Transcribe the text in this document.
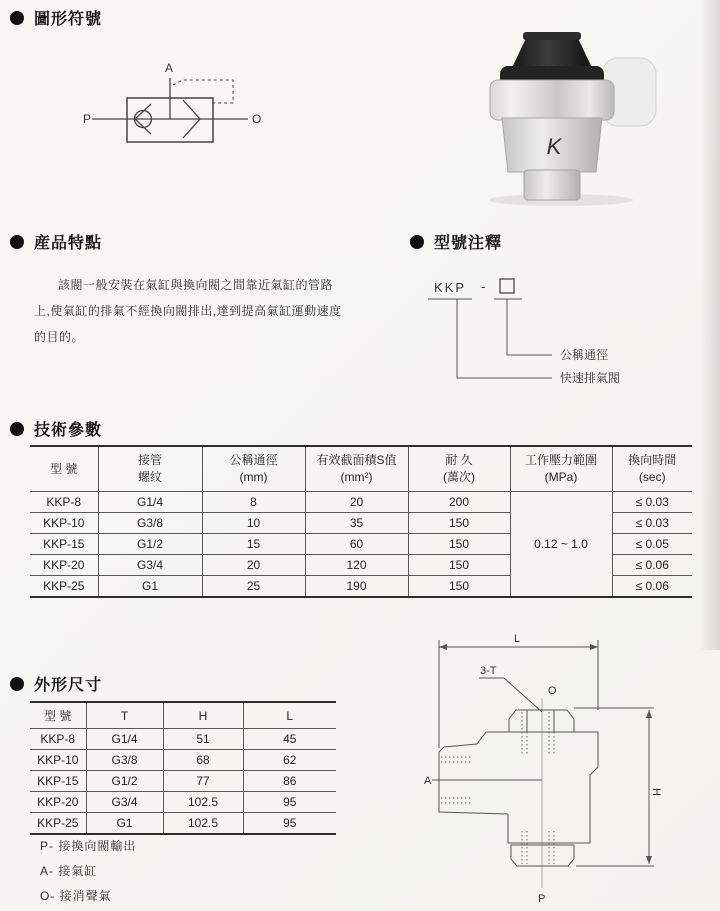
圖形符號
P
A
O
K
産品特點
該閥一般安裝在氣缸與換向閥之間靠近氣缸的管路上,使氣缸的排氣不經換向閥排出,達到提高氣缸運動速度的目的。
型號注釋
KKP -
公稱通徑
快速排氣閥
技術參數
型 號

接管
螺纹

公稱通徑
(mm)

有效截面積S值
(mm²)

耐 久
(萬次)

工作壓力範圍
(MPa)

換向時間
(sec)

KKP-8	G1/4	8	20	200	0.12 ~ 1.0	≤ 0.03
KKP-10	G3/8	10	35	150		≤ 0.03
KKP-15	G1/2	15	60	150		≤ 0.05
KKP-20	G3/4	20	120	150		≤ 0.06
KKP-25	G1	25	190	150		≤ 0.06
外形尺寸
型 號	T	H	L
KKP-8	G1/4	51	45
KKP-10	G3/8	68	62
KKP-15	G1/2	77	86
KKP-20	G3/4	102.5	95
KKP-25	G1	102.5	95
P- 接換向閥輸出
A- 接氣缸
O- 接消聲氣
L
3-T
O
A
H
P
